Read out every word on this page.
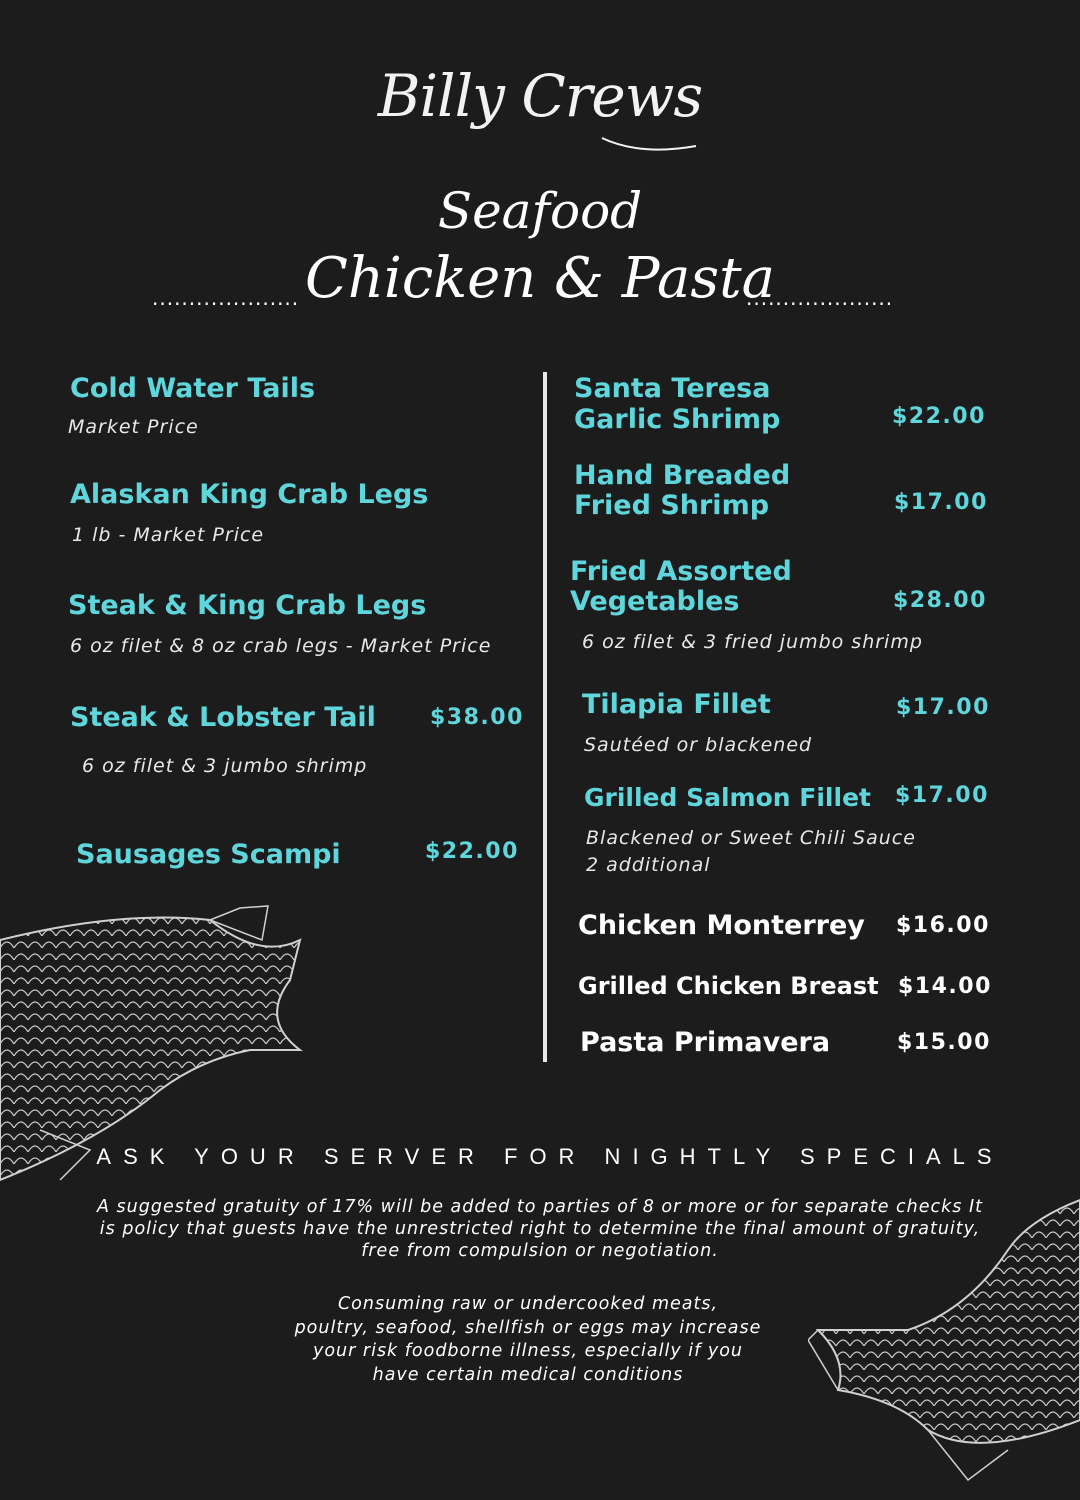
Billy Crews
Seafood
Chicken & Pasta
....................	....................
Cold Water Tails
Market Price
Alaskan King Crab Legs
1 lb - Market Price
Steak & King Crab Legs
6 oz filet & 8 oz crab legs - Market Price
Steak & Lobster Tail $38.00
6 oz filet & 3 jumbo shrimp
Sausages Scampi	$22.00
Santa Teresa
Garlic Shrimp	$22.00
Hand Breaded
Fried Shrimp	$17.00
Fried Assorted
Vegetables	$28.00
6 oz filet & 3 fried jumbo shrimp
Tilapia Fillet	$17.00
Sautéed or blackened
Grilled Salmon Fillet $17.00
Blackened or Sweet Chili Sauce
2 additional
Chicken Monterrey $16.00
Grilled Chicken Breast $14.00
Pasta Primavera	$15.00
ASK YOUR SERVER FOR NIGHTLY SPECIALS
A suggested gratuity of 17% will be added to parties of 8 or more or for separate checks It
is policy that guests have the unrestricted right to determine the final amount of gratuity,
free from compulsion or negotiation.
Consuming raw or undercooked meats,
poultry, seafood, shellfish or eggs may increase
your risk foodborne illness, especially if you
have certain medical conditions
